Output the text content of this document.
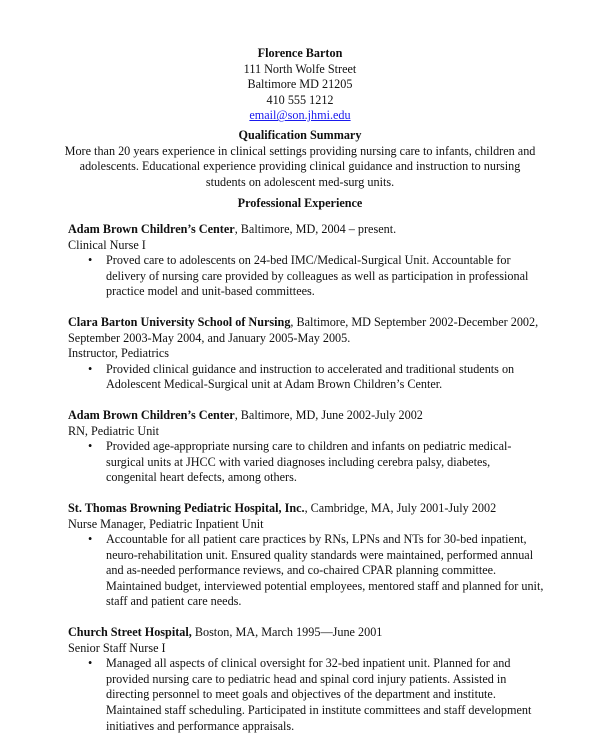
Florence Barton
111 North Wolfe Street
Baltimore MD 21205
410 555 1212
email@son.jhmi.edu
Qualification Summary
More than 20 years experience in clinical settings providing nursing care to infants, children and
adolescents. Educational experience providing clinical guidance and instruction to nursing
students on adolescent med-surg units.
Professional Experience
Adam Brown Children’s Center, Baltimore, MD, 2004 – present.
Clinical Nurse I
• Proved care to adolescents on 24-bed IMC/Medical-Surgical Unit. Accountable for
delivery of nursing care provided by colleagues as well as participation in professional
practice model and unit-based committees.
Clara Barton University School of Nursing, Baltimore, MD September 2002-December 2002,
September 2003-May 2004, and January 2005-May 2005.
Instructor, Pediatrics
• Provided clinical guidance and instruction to accelerated and traditional students on
Adolescent Medical-Surgical unit at Adam Brown Children’s Center.
Adam Brown Children’s Center, Baltimore, MD, June 2002-July 2002
RN, Pediatric Unit
• Provided age-appropriate nursing care to children and infants on pediatric medical-
surgical units at JHCC with varied diagnoses including cerebra palsy, diabetes,
congenital heart defects, among others.
St. Thomas Browning Pediatric Hospital, Inc., Cambridge, MA, July 2001-July 2002
Nurse Manager, Pediatric Inpatient Unit
• Accountable for all patient care practices by RNs, LPNs and NTs for 30-bed inpatient,
neuro-rehabilitation unit. Ensured quality standards were maintained, performed annual
and as-needed performance reviews, and co-chaired CPAR planning committee.
Maintained budget, interviewed potential employees, mentored staff and planned for unit,
staff and patient care needs.
Church Street Hospital, Boston, MA, March 1995—June 2001
Senior Staff Nurse I
• Managed all aspects of clinical oversight for 32-bed inpatient unit. Planned for and
provided nursing care to pediatric head and spinal cord injury patients. Assisted in
directing personnel to meet goals and objectives of the department and institute.
Maintained staff scheduling. Participated in institute committees and staff development
initiatives and performance appraisals.
